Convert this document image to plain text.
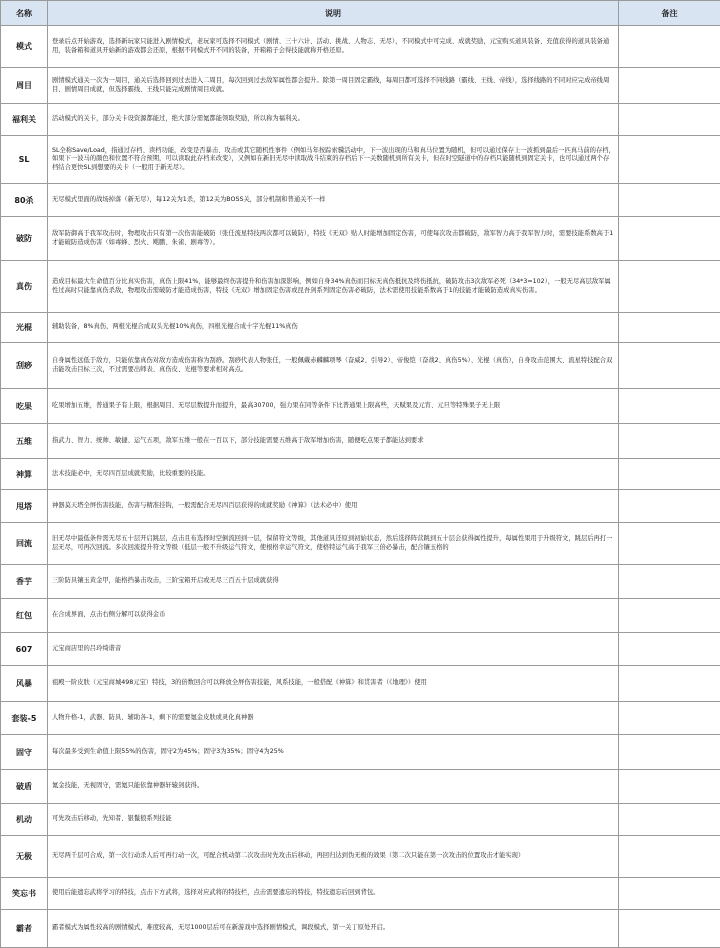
名称	说明	备注
模式	登录后点开始游戏，选择新玩家只能进入剧情模式，老玩家可选择不同模式（剧情、三十六计、活动、挑战、人物志、无尽），不同模式中可完成、成就奖励，元宝购买道具装备、充值获得的道具装备通用，装备箱和道具开始新的游戏都会还原，根据不同模式开不同的装备，开箱箱子会得技能就称开格还原。	
周目	剧情模式通关一次为一周目，通关后选择回到过去进入二周目，每次回到过去敌军属性都会提升。除第一周目固定霸线，每周目都可选择不同线路（霸线、王线、帝线），选择线路的不同对应完成帝线周目、剧情周目成就，但选择霸线、王线只能完成剧情周目成就。	
福利关	活动模式的关卡，部分关卡设资源都能过，绝大部分需氪都能领取奖励，所以称为福利关。	
SL	SL全称Save/Load，指通过存档、读档功能，改变是否暴击、攻击或其它随机性事件（例如马年按踪索骥活动中，下一波出现的马和真马位置为随机，但可以通过保存上一波抓到最后一匹真马前的存档，如果下一波马的颜色和位置不符合预期，可以读取此存档来改变），又例如在新旧无尽中读取战斗结束的存档后下一关数随机到所有关卡，但在时空隧道中的存档只能随机到固定关卡，也可以通过两个存档结合更快SL到想要的关卡（一般用于新无尽）。	
80杀	无尽模式里面的战场掉落（新无尽），每12关为1杀，第12关为BOSS关，部分机制和普通关不一样	
破防	敌军防御高于我军攻击时，物理攻击只有第一次伤害能破防（张任流星特技两次都可以破防），特技《无双》贴人时能增加固定伤害，可使每次攻击都破防，敌军智力高于我军智力时，需要技能系数高于1才能破防造成伤害（如毒蜂、烈火、飓鹏、朱雀、剧毒等）。	
真伤	造成目标最大生命值百分比真实伤害，真伤上限41%，能够最终伤害提升和伤害加深影响，例如自身34%真伤而目标无真伤抵抗及终伤抵抗，破防攻击3次敌军必死（34*3=102），一般无尽高层敌军属性过高时只能靠真伤杀敌，物理攻击需破防才能造成伤害，特技《无双》增加固定伤害或昆吾剑系列固定伤害必破防，法术需使用技能系数高于1的技能才能破防造成真实伤害。	
光棍	辅助装备，8%真伤，两根光棍合成双头光棍10%真伤，四根光棍合成十字光棍11%真伤	
刮痧	自身属性远低于敌方，只能依靠真伤对敌方造成伤害称为刮痧。刮痧代表人物张任，一般佩戴赤麟麟项琴（奋威2、引导2）、帝俊铠（奋战2、真伤5%）、光棍（真伤），自身攻击范围大、流星特技配合双击能攻击目标三次，不过需要出师表、真伤皮、光棍等要求相对高点。	
吃果	吃果增加五维，普通果子有上限，根据周目、无尽层数提升而提升，最高30700，强力果在同等条件下比普通果上限高些，天赋果及元宵、元旦等特殊果子无上限	
五维	指武力、智力、统帅、敏捷、运气五项，敌军五维一般在一百以下，部分技能需要五维高于敌军增加伤害，随便吃点果子都能达到要求	
神算	法术技能必中，无尽四百层成就奖励，比较重要的技能。	
甩塔	神器莫天塔全屏伤害技能，伤害与精准挂钩，一般需配合无尽四百层获得的成就奖励《神算》（法术必中）使用	
回流	旧无尽中最低条件需无尽五十层开启跳层，点击且布选择时空倒流回到一层，保留符文等级，其他道具还原到初始状态，然后选择阵营跳到五十层会获得属性提升，每属性果用于升级符文，跳层后再打一层无尽，可再次回流。多次回流提升符文等级（低层一般不升级运气符文，使根格幸运气符文，使格特运气高于我军三倍必暴击，配合镶玉格的	
香芋	三阶防具镶玉黄金甲，能格挡暴击攻击，三阶宝箱开启或无尽三百五十层成就获得	
红包	在合成界面，点击右侧分解可以获得金币	
607	元宝商店里的吕玲绮谐音	
风暴	祖殿一阶皮肤（元宝商城498元宝）特技，3的倍数回合可以释放全屏伤害技能，风系技能，一般搭配《神算》和贯害者（《地理》）使用	
套装-5	人物升格-1，武器、防具、辅助各-1，剩下的需要氪金皮肤或灵化真神器	
固守	每次最多受到生命值上限55%的伤害，固守2为45%；固守3为35%；固守4为25%	
破盾	氪金技能，无视固守，需氪只能依靠神器轩辕剑获得。	
机动	可先攻击后移动，先知者、银鬣狼系列技能	
无极	无尽两千层可合成，第一次行动杀人后可再行动一次，可配合机动第二次攻击时先攻击后移动，再回归达到伪无极的效果（第二次只能在第一次攻击的位置攻击才能实现）	
笑忘书	使用后能遗忘武将学习的特技，点击下方武将，选择对应武将的特技栏，点击需要遗忘的特技，特技遗忘后回到背包。	
霸者	霸者模式为属性较高的剧情模式，难度较高，无尽1000层后可在新游戏中选择剧情模式，调段模式，第一关丁原处开启。	
